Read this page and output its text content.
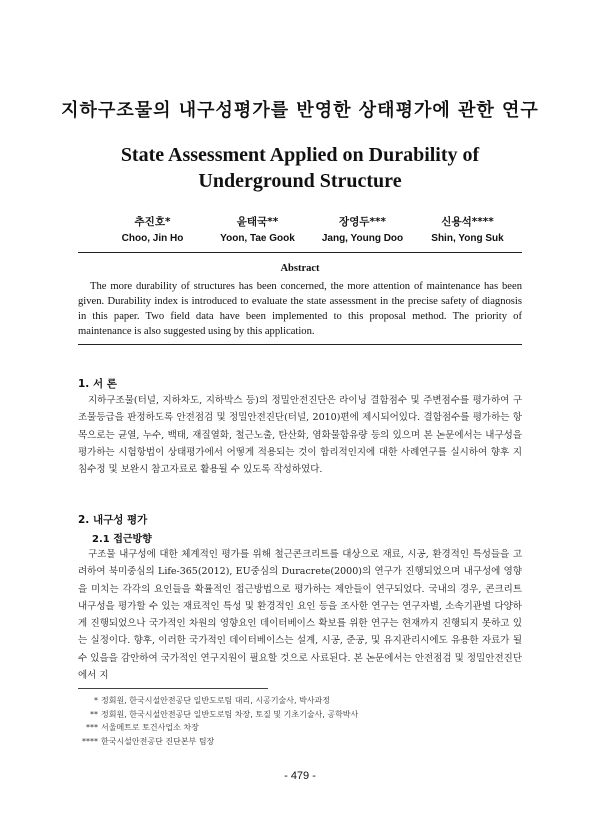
지하구조물의 내구성평가를 반영한 상태평가에 관한 연구
State Assessment Applied on Durability of
Underground Structure
추진호*
Choo, Jin Ho
윤태국**
Yoon, Tae Gook
장영두***
Jang, Young Doo
신용석****
Shin, Yong Suk
Abstract
The more durability of structures has been concerned, the more attention of maintenance has been given. Durability index is introduced to evaluate the state assessment in the precise safety of diagnosis in this paper. Two field data have been implemented to this proposal method. The priority of maintenance is also suggested using by this application.
1. 서 론
지하구조물(터널, 지하차도, 지하박스 등)의 정밀안전진단은 라이닝 결함점수 및 주변점수를 평가하여 구조물등급을 판정하도록 안전점검 및 정밀안전진단(터널, 2010)편에 제시되어있다. 결함점수를 평가하는 항목으로는 균열, 누수, 백태, 재질열화, 철근노출, 탄산화, 염화물함유량 등의 있으며 본 논문에서는 내구성을 평가하는 시험항법이 상태평가에서 어떻게 적용되는 것이 합리적인지에 대한 사례연구를 실시하여 향후 지침수정 및 보완시 참고자료로 활용될 수 있도록 작성하였다.
2. 내구성 평가
2.1 접근방향
구조물 내구성에 대한 체계적인 평가를 위해 철근콘크리트를 대상으로 재료, 시공, 환경적인 특성들을 고려하여 북미중심의 Life-365(2012), EU중심의 Duracrete(2000)의 연구가 진행되었으며 내구성에 영향을 미치는 각각의 요인들을 확률적인 접근방법으로 평가하는 제안들이 연구되었다. 국내의 경우, 콘크리트 내구성을 평가할 수 있는 재료적인 특성 및 환경적인 요인 등을 조사한 연구는 연구자별, 소속기관별 다양하게 진행되었으나 국가적인 차원의 영향요인 데이터베이스 확보를 위한 연구는 현재까지 진행되지 못하고 있는 실정이다. 향후, 이러한 국가적인 데이터베이스는 설계, 시공, 준공, 및 유지관리시에도 유용한 자료가 될 수 있을을 감안하여 국가적인 연구지원이 필요할 것으로 사료된다. 본 논문에서는 안전점검 및 정밀안전진단에서 지
* 정회원, 한국시설안전공단 일반도로팀 대리, 시공기술사, 박사과정
** 정회원, 한국시설안전공단 일반도로팀 차장, 토질 및 기초기술사, 공학박사
*** 서울메트로 토건사업소 차장
**** 한국시설안전공단 진단본부 팀장
- 479 -
